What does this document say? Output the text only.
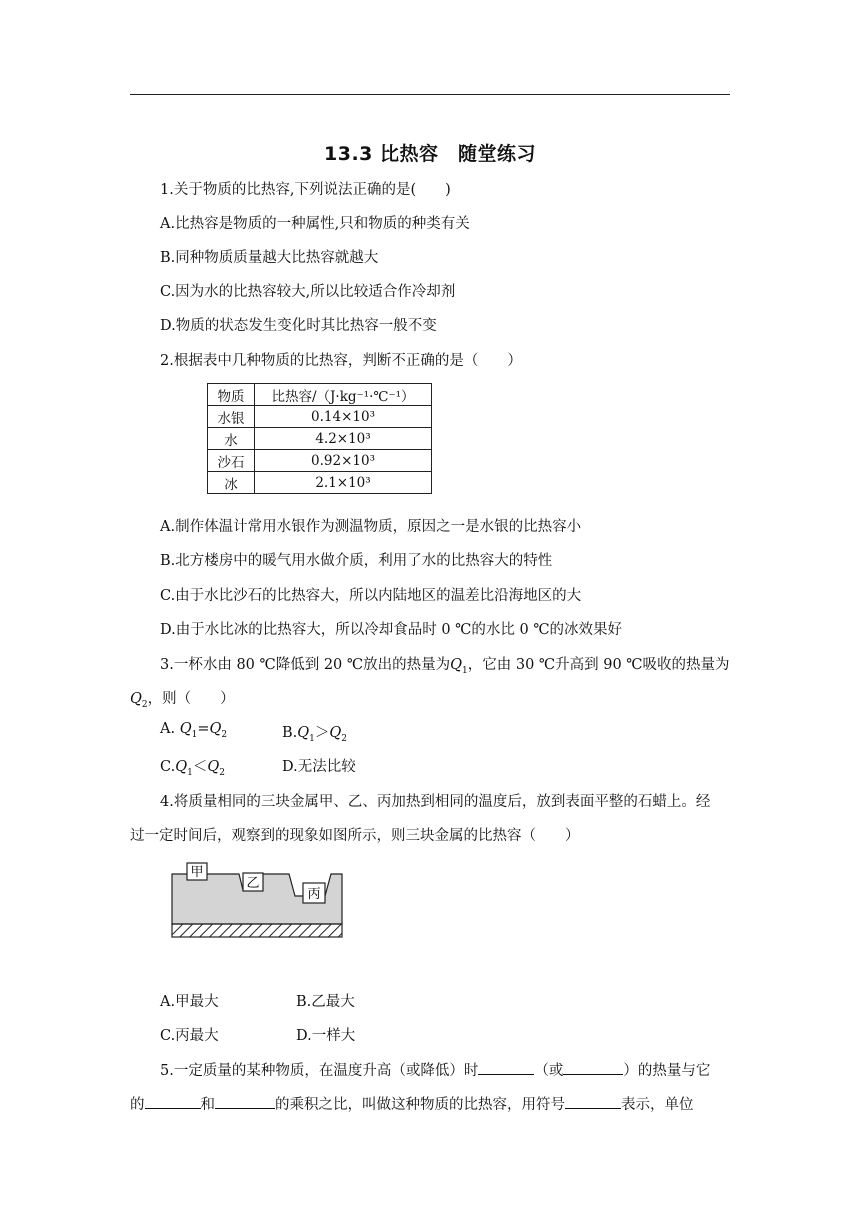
13.3 比热容　随堂练习
1.关于物质的比热容,下列说法正确的是(　　)
A.比热容是物质的一种属性,只和物质的种类有关
B.同种物质质量越大比热容就越大
C.因为水的比热容较大,所以比较适合作冷却剂
D.物质的状态发生变化时其比热容一般不变
2.根据表中几种物质的比热容，判断不正确的是（　　）
物质	比热容/（J·kg⁻¹·℃⁻¹）
水银	0.14×10³
水	4.2×10³
沙石	0.92×10³
冰	2.1×10³
A.制作体温计常用水银作为测温物质，原因之一是水银的比热容小
B.北方楼房中的暖气用水做介质，利用了水的比热容大的特性
C.由于水比沙石的比热容大，所以内陆地区的温差比沿海地区的大
D.由于水比冰的比热容大，所以冷却食品时 0 ℃的水比 0 ℃的冰效果好
3.一杯水由 80 ℃降低到 20 ℃放出的热量为$Q_1$，它由 30 ℃升高到 90 ℃吸收的热量为
$Q_2$，则（　　）
A. $Q_1=Q_2$	$B.Q_1>Q_2$
$C.Q_1<Q_2$	D.无法比较
4.将质量相同的三块金属甲、乙、丙加热到相同的温度后，放到表面平整的石蜡上。经
过一定时间后，观察到的现象如图所示，则三块金属的比热容（　　）
甲
乙
丙
A.甲最大	B.乙最大
C.丙最大	D.一样大
5.一定质量的某种物质，在温度升高（或降低）时	（或	）的热量与它
的	和	的乘积之比，叫做这种物质的比热容，用符号	表示，单位
